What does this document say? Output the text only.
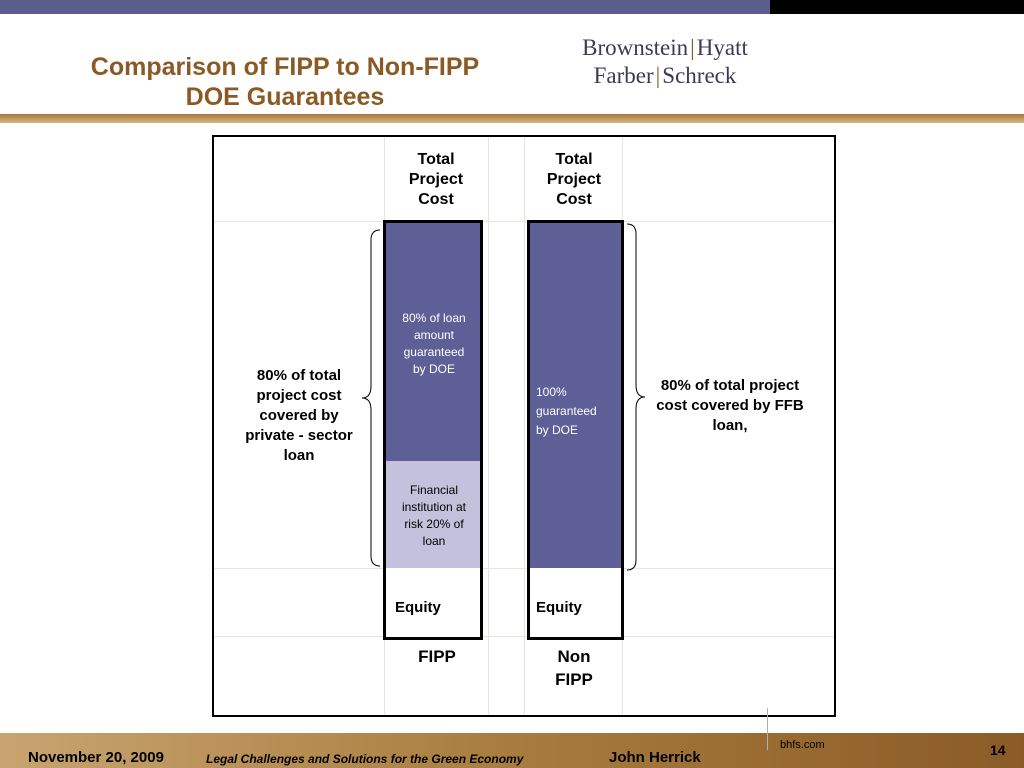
Comparison of FIPP to Non-FIPP
DOE Guarantees
Brownstein|Hyatt
Farber|Schreck
Total
Project
Cost
Total
Project
Cost
80% of loan
amount
guaranteed
by DOE
Financial
institution at
risk 20% of
loan
Equity
100%
guaranteed
by DOE
Equity
80% of total
project cost
covered by
private - sector
loan
80% of total project
cost covered by FFB
loan,
FIPP	Non
FIPP
bhfs.com
November 20, 2009	Legal Challenges and Solutions for the Green Economy	John Herrick	14
